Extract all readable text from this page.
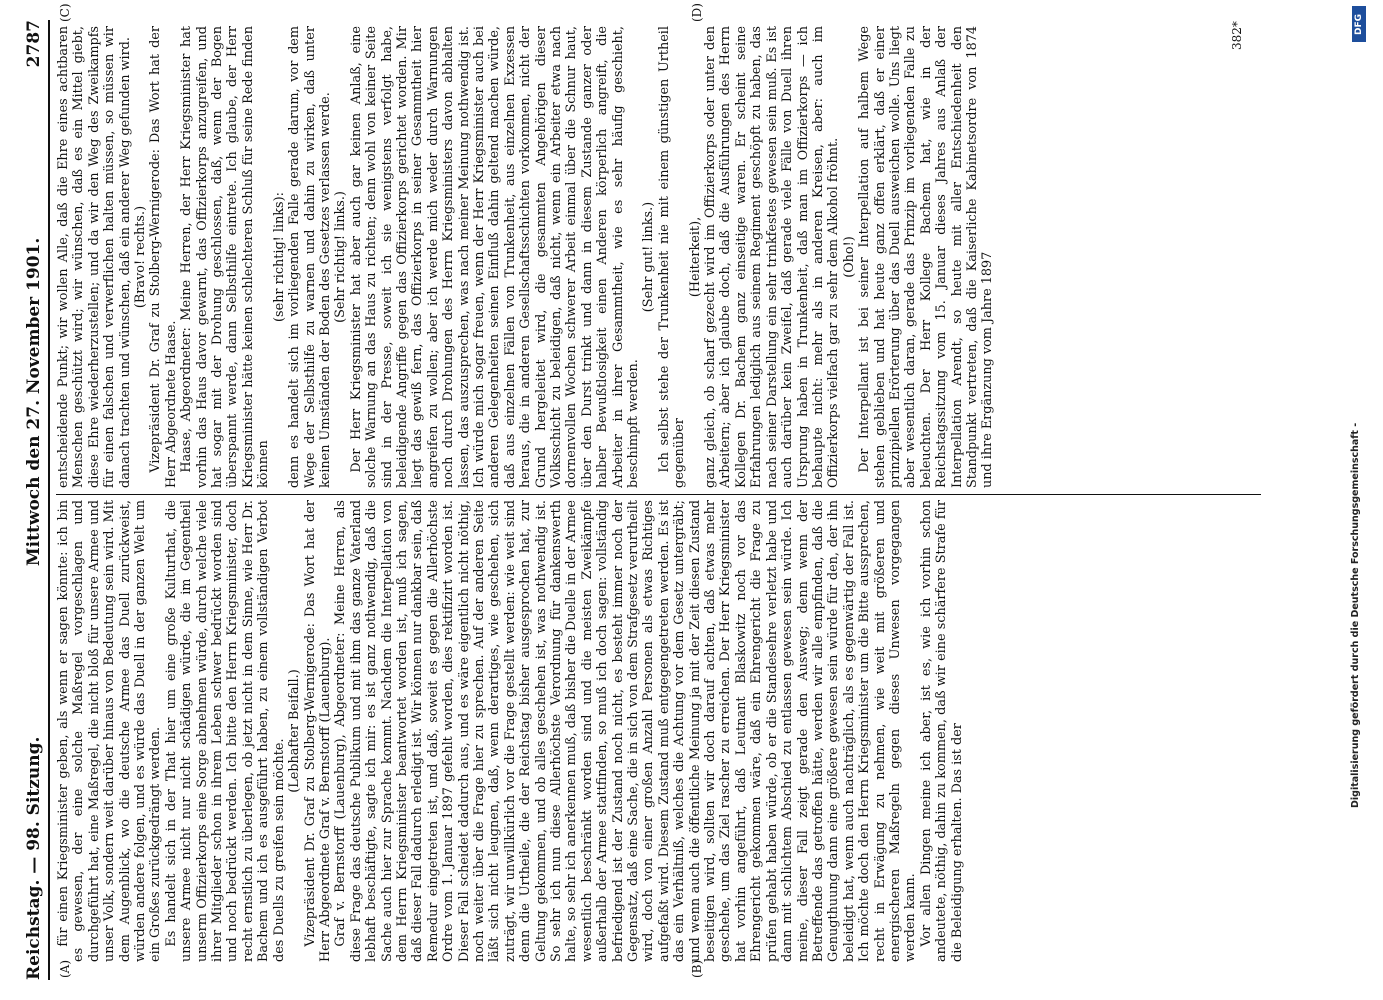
Reichstag. — 98. Sitzung.
Mittwoch den 27. November 1901.
2787

für einen Kriegsminister geben, als wenn er sagen könnte: ich bin es gewesen, der eine solche Maßregel vorgeschlagen und durchgeführt hat, eine Maßregel, die nicht bloß für unsere Armee und unser Volk, sondern weit darüber hinaus von Bedeutung sein wird. Mit dem Augenblick, wo die deutsche Armee das Duell zurückweist, würden andere folgen, und es würde das Duell in der ganzen Welt um ein Großes zurückgedrängt werden. Es handelt sich in der That hier um eine große Kulturthat, die unsere Armee nicht nur nicht schädigen würde, die im Gegentheil unserm Offizierkorps eine Sorge abnehmen würde, durch welche viele ihrer Mitglieder schon in ihrem Leben schwer bedrückt worden sind und noch bedrückt werden. Ich bitte den Herrn Kriegsminister, doch recht ernstlich zu überlegen, ob jetzt nicht in dem Sinne, wie Herr Dr. Bachem und ich es ausgeführt haben, zu einem vollständigen Verbot des Duells zu greifen sein möchte.

(Lebhafter Beifall.) Vizepräsident Dr. Graf zu Stolberg-Wernigerode: Das Wort hat der Herr Abgeordnete Graf v. Bernstorff (Lauenburg). Graf v. Bernstorff (Lauenburg), Abgeordneter: Meine Herren, als diese Frage das deutsche Publikum und mit ihm das ganze Vaterland lebhaft beschäftigte, sagte ich mir: es ist ganz nothwendig, daß die Sache auch hier zur Sprache kommt. Nachdem die Interpellation von dem Herrn Kriegsminister beantwortet worden ist, muß ich sagen, daß dieser Fall dadurch erledigt ist. Wir können nur dankbar sein, daß Remedur eingetreten ist, und daß, soweit es gegen die Allerhöchste Ordre vom 1. Januar 1897 gefehlt worden, dies rektifizirt worden ist. Dieser Fall scheidet dadurch aus, und es wäre eigentlich nicht nöthig, noch weiter über die Frage hier zu sprechen. Auf der anderen Seite läßt sich nicht leugnen, daß, wenn derartiges, wie geschehen, sich zuträgt, wir unwillkürlich vor die Frage gestellt werden: wie weit sind denn die Urtheile, die der Reichstag bisher ausgesprochen hat, zur Geltung gekommen, und ob alles geschehen ist, was nothwendig ist. So sehr ich nun diese Allerhöchste Verordnung für dankenswerth halte, so sehr ich anerkennen muß, daß bisher die Duelle in der Armee wesentlich beschränkt worden sind und die meisten Zweikämpfe außerhalb der Armee stattfinden, so muß ich doch sagen: vollständig befriedigend ist der Zustand noch nicht, es besteht immer noch der Gegensatz, daß eine Sache, die in sich von dem Strafgesetz verurtheilt wird, doch von einer großen Anzahl Personen als etwas Richtiges aufgefaßt wird. Diesem Zustand muß entgegengetreten werden. Es ist das ein Verhältniß, welches die Achtung vor dem Gesetz untergräbt; und wenn auch die öffentliche Meinung ja mit der Zeit diesen Zustand beseitigen wird, sollten wir doch darauf achten, daß etwas mehr geschehe, um das Ziel rascher zu erreichen. Der Herr Kriegsminister hat vorhin angeführt, daß Leutnant Blaskowitz noch vor das Ehrengericht gekommen wäre, daß ein Ehrengericht die Frage zu prüfen gehabt haben würde, ob er die Standesehre verletzt habe und dann mit schlichtem Abschied zu entlassen gewesen sein würde. Ich meine, dieser Fall zeigt gerade den Ausweg; denn wenn der Betreffende das getroffen hätte, werden wir alle empfinden, daß die Genugthuung dann eine größere gewesen sein würde für den, der ihn beleidigt hat, wenn auch nachträglich, als es gegenwärtig der Fall ist. Ich möchte doch den Herrn Kriegsminister um die Bitte aussprechen, recht in Erwägung zu nehmen, wie weit mit größeren und energischeren Maßregeln gegen dieses Unwesen vorgegangen werden kann. Vor allen Dingen meine ich aber, ist es, wie ich vorhin schon andeutete, nöthig, dahin zu kommen, daß wir eine schärfere Strafe für die Beleidigung erhalten. Das ist der

entscheidende Punkt; wir wollen Alle, daß die Ehre eines achtbaren Menschen geschützt wird; wir wünschen, daß es ein Mittel giebt, diese Ehre wiederherzustellen; und da wir den Weg des Zweikampfs für einen falschen und verwerflichen halten müssen, so müssen wir danach trachten und wünschen, daß ein anderer Weg gefunden wird. (Bravo! rechts.) Vizepräsident Dr. Graf zu Stolberg-Wernigerode: Das Wort hat der Herr Abgeordnete Haase. Haase, Abgeordneter: Meine Herren, der Herr Kriegsminister hat vorhin das Haus davor gewarnt, das Offizierkorps anzugreifen, und hat sogar mit der Drohung geschlossen, daß, wenn der Bogen überspannt werde, dann Selbsthilfe eintrete. Ich glaube, der Herr Kriegsminister hätte keinen schlechteren Schluß für seine Rede finden können

(sehr richtig! links): denn es handelt sich im vorliegenden Falle gerade darum, vor dem Wege der Selbsthilfe zu warnen und dahin zu wirken, daß unter keinen Umständen der Boden des Gesetzes verlassen werde. (Sehr richtig! links.) Der Herr Kriegsminister hat aber auch gar keinen Anlaß, eine solche Warnung an das Haus zu richten; denn wohl von keiner Seite sind in der Presse, soweit ich sie wenigstens verfolgt habe, beleidigende Angriffe gegen das Offizierkorps gerichtet worden. Mir liegt das gewiß fern, das Offizierkorps in seiner Gesammtheit hier angreifen zu wollen; aber ich werde mich weder durch Warnungen noch durch Drohungen des Herrn Kriegsministers davon abhalten lassen, das auszusprechen, was nach meiner Meinung nothwendig ist. Ich würde mich sogar freuen, wenn der Herr Kriegsminister auch bei anderen Gelegenheiten seinen Einfluß dahin geltend machen würde, daß aus einzelnen Fällen von Trunkenheit, aus einzelnen Exzessen heraus, die in anderen Gesellschaftsschichten vorkommen, nicht der Grund hergeleitet wird, die gesammten Angehörigen dieser Volksschicht zu beleidigen, daß nicht, wenn ein Arbeiter etwa nach dornenvollen Wochen schwerer Arbeit einmal über die Schnur haut, über den Durst trinkt und dann in diesem Zustande ganzer oder halber Bewußtlosigkeit einen Anderen körperlich angreift, die Arbeiter in ihrer Gesammtheit, wie es sehr häufig geschieht, beschimpft werden.

(Sehr gut! links.) Ich selbst stehe der Trunkenheit nie mit einem günstigen Urtheil gegenüber

(Heiterkeit), ganz gleich, ob scharf gezecht wird im Offizierkorps oder unter den Arbeitern; aber ich glaube doch, daß die Ausführungen des Herrn Kollegen Dr. Bachem ganz einseitige waren. Er scheint seine Erfahrungen lediglich aus seinem Regiment geschöpft zu haben, das nach seiner Darstellung ein sehr trinkfestes gewesen sein muß. Es ist auch darüber kein Zweifel, daß gerade viele Fälle von Duell ihren Ursprung haben in Trunkenheit, daß man im Offizierkorps — ich behaupte nicht: mehr als in anderen Kreisen, aber: auch im Offizierkorps vielfach gar zu sehr dem Alkohol fröhnt. (Oho!) Der Interpellant ist bei seiner Interpellation auf halbem Wege stehen geblieben und hat heute ganz offen erklärt, daß er einer prinzipiellen Erörterung über das Duell ausweichen wolle. Uns liegt aber wesentlich daran, gerade das Prinzip im vorliegenden Falle zu beleuchten. Der Herr Kollege Bachem hat, wie in der Reichstagssitzung vom 15. Januar dieses Jahres aus Anlaß der Interpellation Arendt, so heute mit aller Entschiedenheit den Standpunkt vertreten, daß die Kaiserliche Kabinetsordre von 1874 und ihre Ergänzung vom Jahre 1897

(A)	(B)
(C)	(D)
382*	DFG
Digitalisierung gefördert durch die Deutsche Forschungsgemeinschaft -
